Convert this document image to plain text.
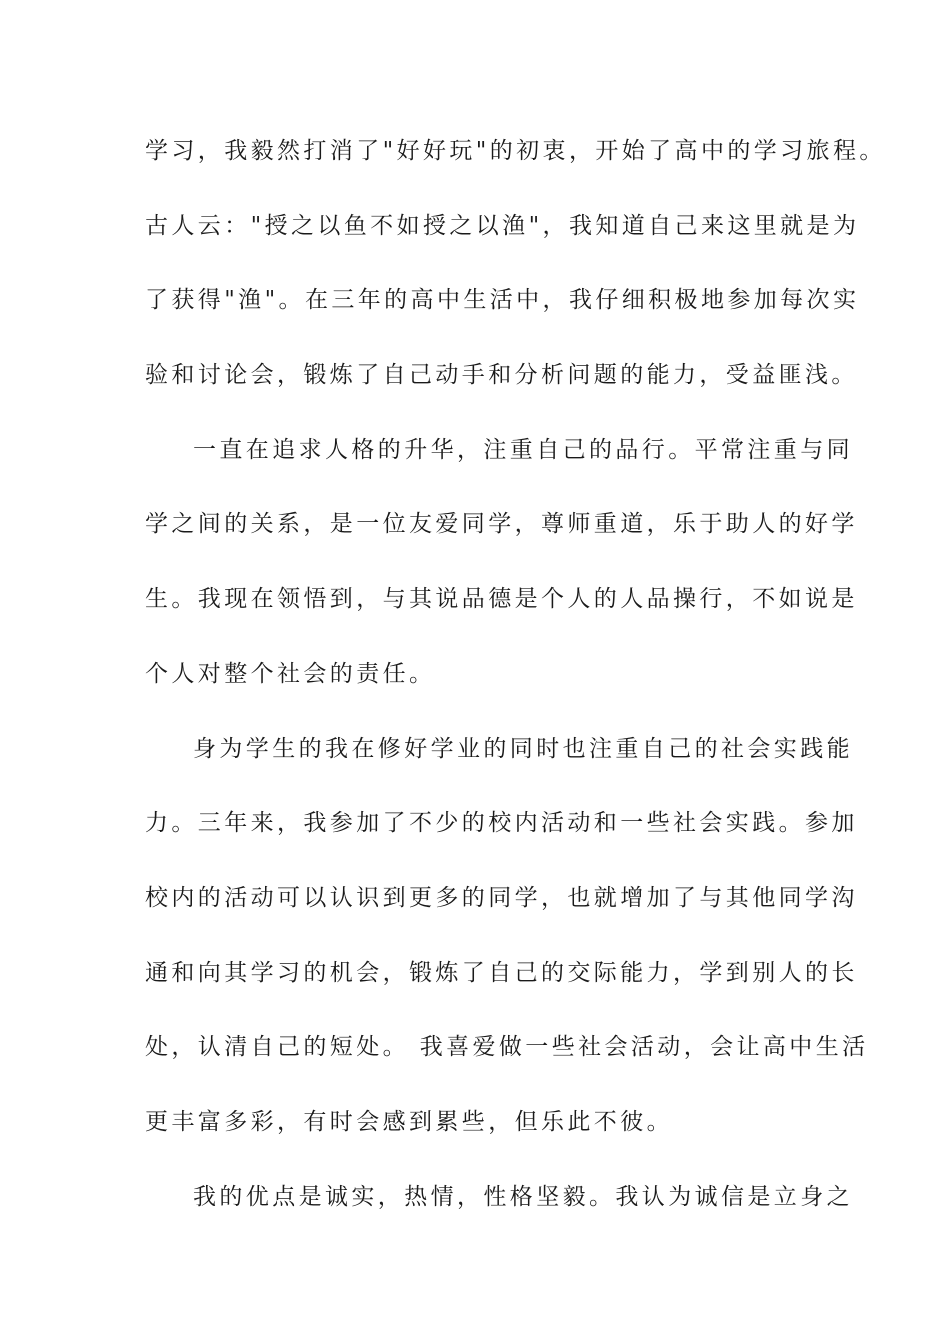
学习，我毅然打消了"好好玩"的初衷，开始了高中的学习旅程。
古人云："授之以鱼不如授之以渔"，我知道自己来这里就是为
了获得"渔"。在三年的高中生活中，我仔细积极地参加每次实
验和讨论会，锻炼了自己动手和分析问题的能力，受益匪浅。
一直在追求人格的升华，注重自己的品行。平常注重与同
学之间的关系，是一位友爱同学，尊师重道，乐于助人的好学
生。我现在领悟到，与其说品德是个人的人品操行，不如说是
个人对整个社会的责任。
身为学生的我在修好学业的同时也注重自己的社会实践能
力。三年来，我参加了不少的校内活动和一些社会实践。参加
校内的活动可以认识到更多的同学，也就增加了与其他同学沟
通和向其学习的机会，锻炼了自己的交际能力，学到别人的长
处，认清自己的短处。 我喜爱做一些社会活动，会让高中生活
更丰富多彩，有时会感到累些，但乐此不彼。
我的优点是诚实，热情，性格坚毅。我认为诚信是立身之
